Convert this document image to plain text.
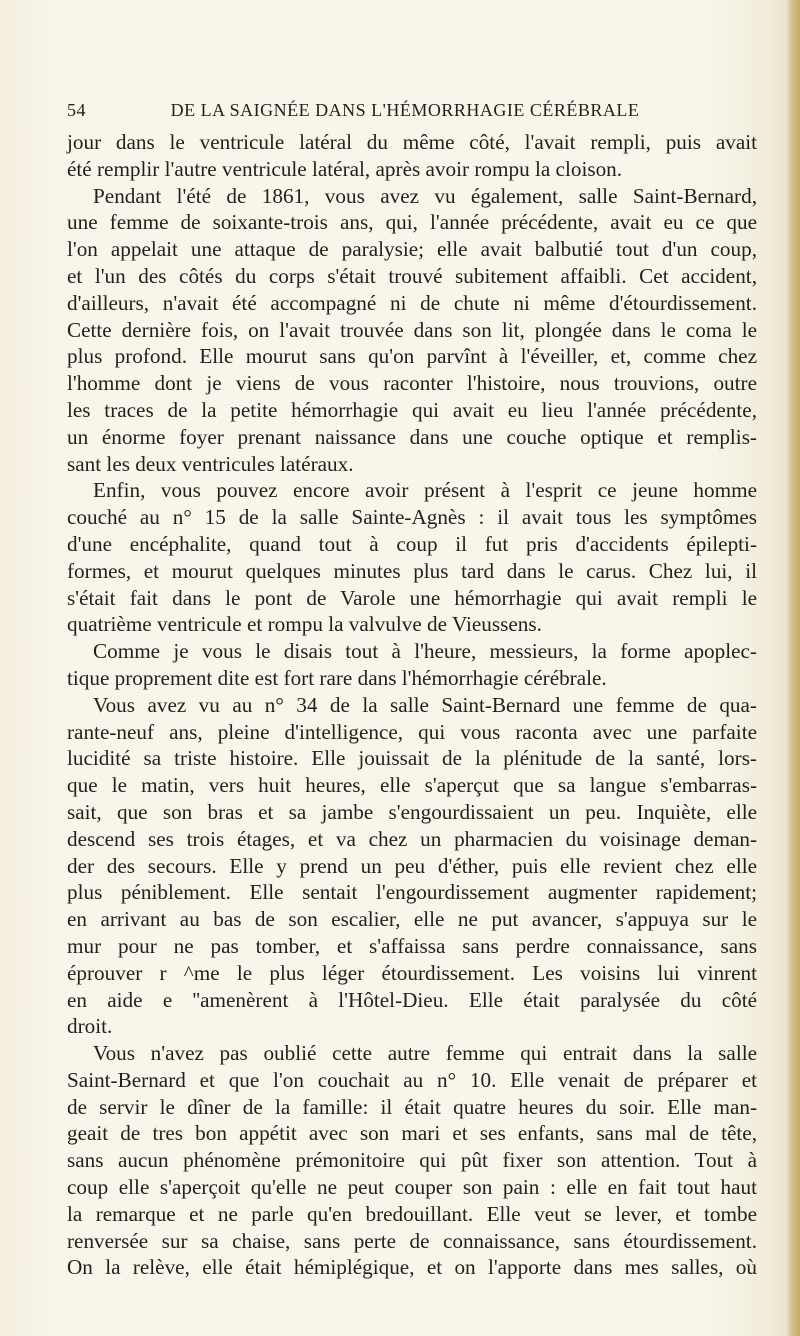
54	DE LA SAIGNÉE DANS L'HÉMORRHAGIE CÉRÉBRALE
jour dans le ventricule latéral du même côté, l'avait rempli, puis avait
été remplir l'autre ventricule latéral, après avoir rompu la cloison.
Pendant l'été de 1861, vous avez vu également, salle Saint-Bernard,
une femme de soixante-trois ans, qui, l'année précédente, avait eu ce que
l'on appelait une attaque de paralysie; elle avait balbutié tout d'un coup,
et l'un des côtés du corps s'était trouvé subitement affaibli. Cet accident,
d'ailleurs, n'avait été accompagné ni de chute ni même d'étourdissement.
Cette dernière fois, on l'avait trouvée dans son lit, plongée dans le coma le
plus profond. Elle mourut sans qu'on parvînt à l'éveiller, et, comme chez
l'homme dont je viens de vous raconter l'histoire, nous trouvions, outre
les traces de la petite hémorrhagie qui avait eu lieu l'année précédente,
un énorme foyer prenant naissance dans une couche optique et remplis-
sant les deux ventricules latéraux.
Enfin, vous pouvez encore avoir présent à l'esprit ce jeune homme
couché au n° 15 de la salle Sainte-Agnès : il avait tous les symptômes
d'une encéphalite, quand tout à coup il fut pris d'accidents épilepti-
formes, et mourut quelques minutes plus tard dans le carus. Chez lui, il
s'était fait dans le pont de Varole une hémorrhagie qui avait rempli le
quatrième ventricule et rompu la valvulve de Vieussens.
Comme je vous le disais tout à l'heure, messieurs, la forme apoplec-
tique proprement dite est fort rare dans l'hémorrhagie cérébrale.
Vous avez vu au n° 34 de la salle Saint-Bernard une femme de qua-
rante-neuf ans, pleine d'intelligence, qui vous raconta avec une parfaite
lucidité sa triste histoire. Elle jouissait de la plénitude de la santé, lors-
que le matin, vers huit heures, elle s'aperçut que sa langue s'embarras-
sait, que son bras et sa jambe s'engourdissaient un peu. Inquiète, elle
descend ses trois étages, et va chez un pharmacien du voisinage deman-
der des secours. Elle y prend un peu d'éther, puis elle revient chez elle
plus péniblement. Elle sentait l'engourdissement augmenter rapidement;
en arrivant au bas de son escalier, elle ne put avancer, s'appuya sur le
mur pour ne pas tomber, et s'affaissa sans perdre connaissance, sans
éprouver r ^me le plus léger étourdissement. Les voisins lui vinrent
en aide e ''amenèrent à l'Hôtel-Dieu. Elle était paralysée du côté
droit.
Vous n'avez pas oublié cette autre femme qui entrait dans la salle
Saint-Bernard et que l'on couchait au n° 10. Elle venait de préparer et
de servir le dîner de la famille: il était quatre heures du soir. Elle man-
geait de tres bon appétit avec son mari et ses enfants, sans mal de tête,
sans aucun phénomène prémonitoire qui pût fixer son attention. Tout à
coup elle s'aperçoit qu'elle ne peut couper son pain : elle en fait tout haut
la remarque et ne parle qu'en bredouillant. Elle veut se lever, et tombe
renversée sur sa chaise, sans perte de connaissance, sans étourdissement.
On la relève, elle était hémiplégique, et on l'apporte dans mes salles, où
